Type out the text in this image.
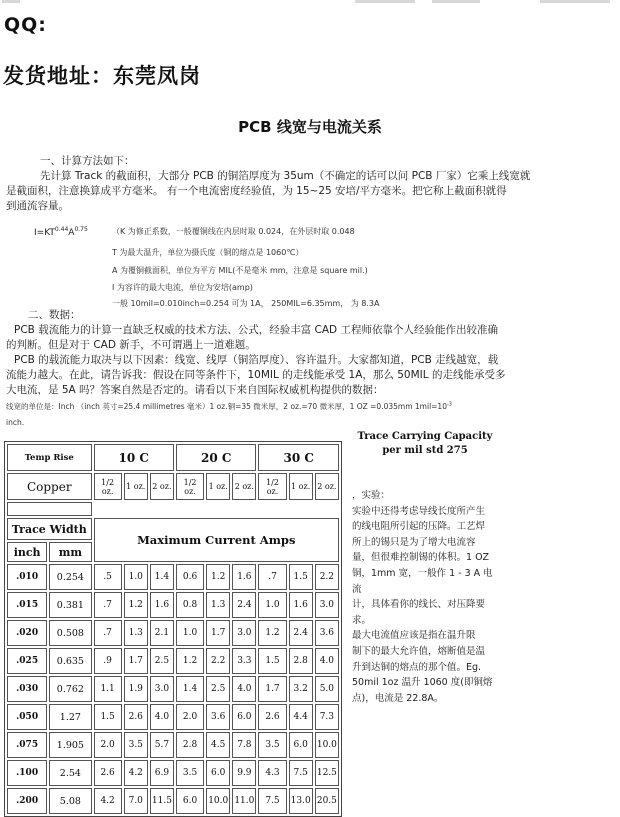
QQ:
发货地址：东莞凤岗
PCB 线宽与电流关系
一、计算方法如下：
先计算 Track 的截面积，大部分 PCB 的铜箔厚度为 35um（不确定的话可以问 PCB 厂家）它乘上线宽就
是截面积，注意换算成平方毫米。 有一个电流密度经验值，为 15~25 安培/平方毫米。把它称上截面积就得
到通流容量。
$I=KT^{0.44}A^{0.75}$	（K 为修正系数，一般覆铜线在内层时取 0.024，在外层时取 0.048
T 为最大温升，单位为摄氏度（铜的熔点是 1060℃）
A 为覆铜截面积，单位为平方 MIL(不是毫米 mm，注意是 square mil.)
I 为容许的最大电流，单位为安培(amp)
一般 10mil=0.010inch=0.254 可为 1A， 250MIL=6.35mm， 为 8.3A
二、数据：
PCB 载流能力的计算一直缺乏权威的技术方法、公式，经验丰富 CAD 工程师依靠个人经验能作出较准确
的判断。但是对于 CAD 新手，不可谓遇上一道难题。
PCB 的载流能力取决与以下因素：线宽、线厚（铜箔厚度）、容许温升。大家都知道，PCB 走线越宽，载
流能力越大。在此，请告诉我：假设在同等条件下，10MIL 的走线能承受 1A，那么 50MIL 的走线能承受多
大电流，是 5A 吗？答案自然是否定的。请看以下来自国际权威机构提供的数据：
线宽的单位是：Inch （inch 英寸=25.4 millimetres 毫米）1 oz.铜=35 微米厚，2 oz.=70 微米厚，1 OZ =0.035mm $1mil=10^{-3}$
inch.
Temp Rise		10 C			20 C			30 C		
Copper		1/2 oz.	1 oz.	2 oz.	1/2 oz.	1 oz.	2 oz.	1/2 oz.	1 oz.	2 oz.

Trace Width		Maximum Current Amps								
inch	mm									
.010	0.254	.5	1.0	1.4	0.6	1.2	1.6	.7	1.5	2.2
.015	0.381	.7	1.2	1.6	0.8	1.3	2.4	1.0	1.6	3.0
.020	0.508	.7	1.3	2.1	1.0	1.7	3.0	1.2	2.4	3.6
.025	0.635	.9	1.7	2.5	1.2	2.2	3.3	1.5	2.8	4.0
.030	0.762	1.1	1.9	3.0	1.4	2.5	4.0	1.7	3.2	5.0
.050	1.27	1.5	2.6	4.0	2.0	3.6	6.0	2.6	4.4	7.3
.075	1.905	2.0	3.5	5.7	2.8	4.5	7.8	3.5	6.0	10.0
.100	2.54	2.6	4.2	6.9	3.5	6.0	9.9	4.3	7.5	12.5
.200	5.08	4.2	7.0	11.5	6.0	10.0	11.0	7.5	13.0	20.5
Trace Carrying Capacity
per mil std 275
，实验：
实验中还得考虑导线长度所产生
的线电阻所引起的压降。工艺焊
所上的锡只是为了增大电流容
量，但很难控制锡的体积。1 OZ
铜，1mm 宽，一般作 1 - 3 A 电流
计，具体看你的线长、对压降要
求。
最大电流值应该是指在温升限
制下的最大允许值，熔断值是温
升到达铜的熔点的那个值。Eg.
50mil 1oz 温升 1060 度(即铜熔
点)，电流是 22.8A。
